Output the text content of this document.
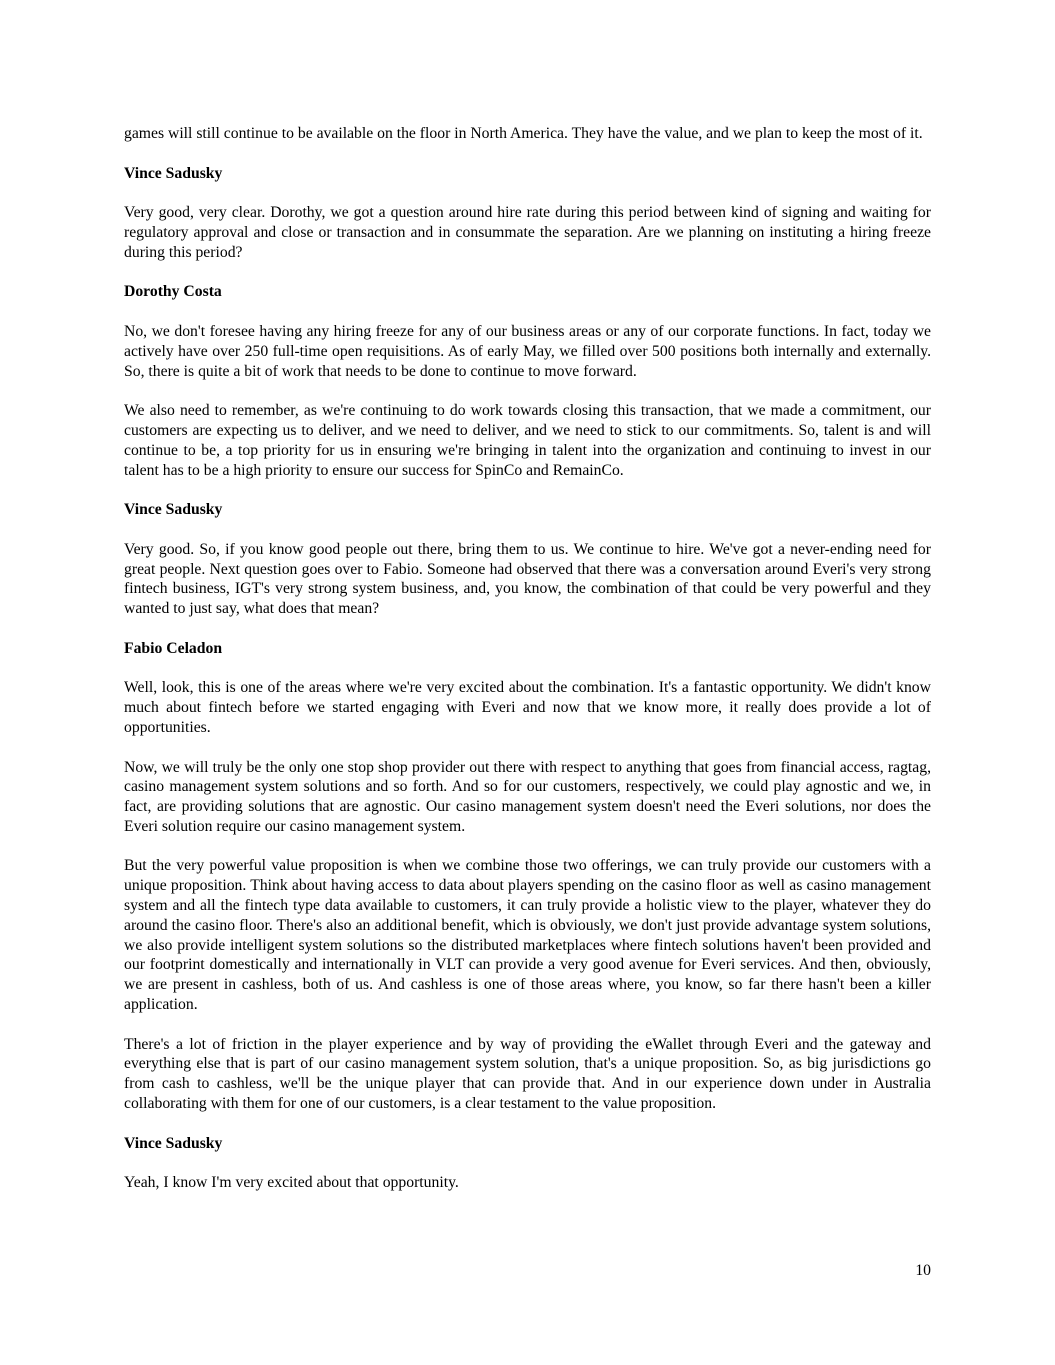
games will still continue to be available on the floor in North America. They have the value, and we plan to keep the most of it.

Vince Sadusky

Very good, very clear. Dorothy, we got a question around hire rate during this period between kind of signing and waiting for regulatory approval and close or transaction and in consummate the separation. Are we planning on instituting a hiring freeze during this period?

Dorothy Costa

No, we don't foresee having any hiring freeze for any of our business areas or any of our corporate functions. In fact, today we actively have over 250 full-time open requisitions. As of early May, we filled over 500 positions both internally and externally. So, there is quite a bit of work that needs to be done to continue to move forward.

We also need to remember, as we're continuing to do work towards closing this transaction, that we made a commitment, our customers are expecting us to deliver, and we need to deliver, and we need to stick to our commitments. So, talent is and will continue to be, a top priority for us in ensuring we're bringing in talent into the organization and continuing to invest in our talent has to be a high priority to ensure our success for SpinCo and RemainCo.

Vince Sadusky

Very good. So, if you know good people out there, bring them to us. We continue to hire. We've got a never-ending need for great people. Next question goes over to Fabio. Someone had observed that there was a conversation around Everi's very strong fintech business, IGT's very strong system business, and, you know, the combination of that could be very powerful and they wanted to just say, what does that mean?

Fabio Celadon

Well, look, this is one of the areas where we're very excited about the combination. It's a fantastic opportunity. We didn't know much about fintech before we started engaging with Everi and now that we know more, it really does provide a lot of opportunities.

Now, we will truly be the only one stop shop provider out there with respect to anything that goes from financial access, ragtag, casino management system solutions and so forth. And so for our customers, respectively, we could play agnostic and we, in fact, are providing solutions that are agnostic. Our casino management system doesn't need the Everi solutions, nor does the Everi solution require our casino management system.

But the very powerful value proposition is when we combine those two offerings, we can truly provide our customers with a unique proposition. Think about having access to data about players spending on the casino floor as well as casino management system and all the fintech type data available to customers, it can truly provide a holistic view to the player, whatever they do around the casino floor. There's also an additional benefit, which is obviously, we don't just provide advantage system solutions, we also provide intelligent system solutions so the distributed marketplaces where fintech solutions haven't been provided and our footprint domestically and internationally in VLT can provide a very good avenue for Everi services. And then, obviously, we are present in cashless, both of us. And cashless is one of those areas where, you know, so far there hasn't been a killer application.

There's a lot of friction in the player experience and by way of providing the eWallet through Everi and the gateway and everything else that is part of our casino management system solution, that's a unique proposition. So, as big jurisdictions go from cash to cashless, we'll be the unique player that can provide that. And in our experience down under in Australia collaborating with them for one of our customers, is a clear testament to the value proposition.

Vince Sadusky

Yeah, I know I'm very excited about that opportunity.

10
